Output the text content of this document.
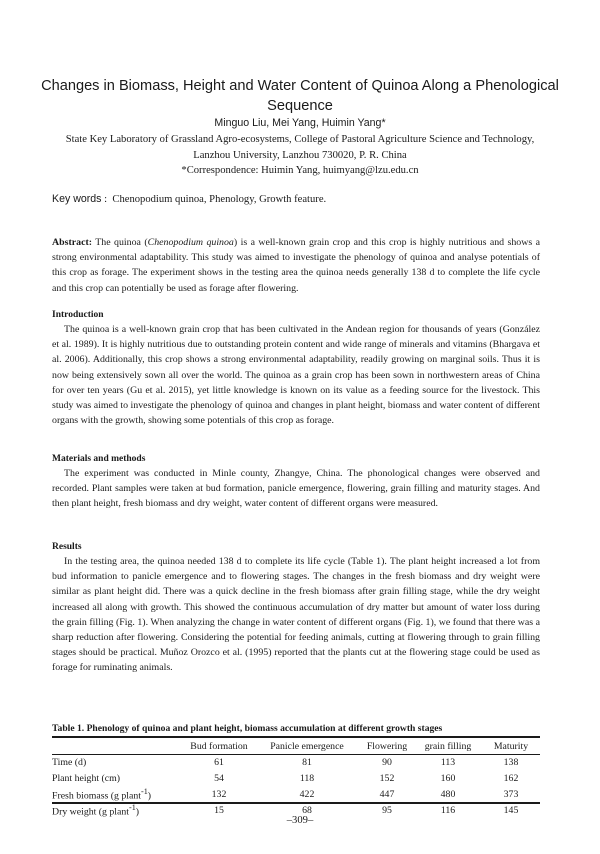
Changes in Biomass, Height and Water Content of Quinoa Along a Phenological Sequence
Minguo Liu, Mei Yang, Huimin Yang*
State Key Laboratory of Grassland Agro-ecosystems, College of Pastoral Agriculture Science and Technology, Lanzhou University, Lanzhou 730020, P. R. China
*Correspondence: Huimin Yang, huimyang@lzu.edu.cn
Key words : Chenopodium quinoa, Phenology, Growth feature.

Abstract: The quinoa (Chenopodium quinoa) is a well-known grain crop and this crop is highly nutritious and shows a strong environmental adaptability. This study was aimed to investigate the phenology of quinoa and analyse potentials of this crop as forage. The experiment shows in the testing area the quinoa needs generally 138 d to complete the life cycle and this crop can potentially be used as forage after flowering.

Introduction

The quinoa is a well-known grain crop that has been cultivated in the Andean region for thousands of years (González et al. 1989). It is highly nutritious due to outstanding protein content and wide range of minerals and vitamins (Bhargava et al. 2006). Additionally, this crop shows a strong environmental adaptability, readily growing on marginal soils. Thus it is now being extensively sown all over the world. The quinoa as a grain crop has been sown in northwestern areas of China for over ten years (Gu et al. 2015), yet little knowledge is known on its value as a feeding source for the livestock. This study was aimed to investigate the phenology of quinoa and changes in plant height, biomass and water content of different organs with the growth, showing some potentials of this crop as forage.

Materials and methods

The experiment was conducted in Minle county, Zhangye, China. The phonological changes were observed and recorded. Plant samples were taken at bud formation, panicle emergence, flowering, grain filling and maturity stages. And then plant height, fresh biomass and dry weight, water content of different organs were measured.

Results

In the testing area, the quinoa needed 138 d to complete its life cycle (Table 1). The plant height increased a lot from bud information to panicle emergence and to flowering stages. The changes in the fresh biomass and dry weight were similar as plant height did. There was a quick decline in the fresh biomass after grain filling stage, while the dry weight increased all along with growth. This showed the continuous accumulation of dry matter but amount of water loss during the grain filling (Fig. 1). When analyzing the change in water content of different organs (Fig. 1), we found that there was a sharp reduction after flowering. Considering the potential for feeding animals, cutting at flowering through to grain filling stages should be practical. Muñoz Orozco et al. (1995) reported that the plants cut at the flowering stage could be used as forage for ruminating animals.

Table 1. Phenology of quinoa and plant height, biomass accumulation at different growth stages
	Bud formation	Panicle emergence	Flowering	grain filling	Maturity
Time (d)	61	81	90	113	138
Plant height (cm)	54	118	152	160	162
Fresh biomass (g plant$^{-1}$)	132	422	447	480	373
Dry weight (g plant$^{-1}$)	15	68	95	116	145
–309–
